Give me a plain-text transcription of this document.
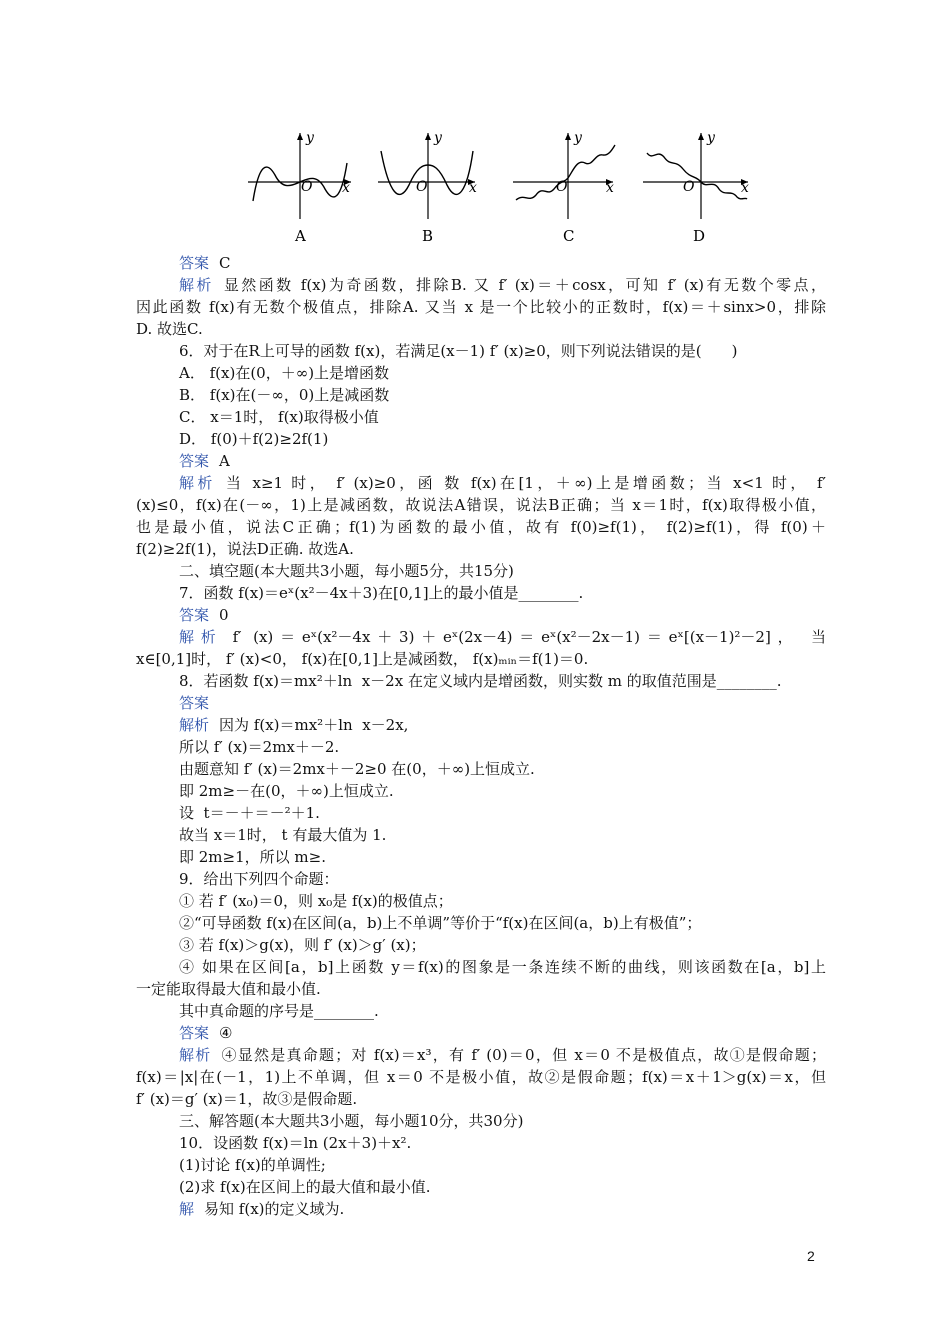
y
x
O
A
y
x
O
B
y
x
O
C
y
x
O
D
答案 C
解析 显然函数 f(x)为奇函数，排除B. 又 f′ (x)＝＋cosx，可知 f′ (x)有无数个零点，
因此函数 f(x)有无数个极值点，排除A. 又当 x 是一个比较小的正数时，f(x)＝＋sinx>0，排除
D. 故选C.
6．对于在R上可导的函数 f(x)，若满足(x－1) f′ (x)≥0，则下列说法错误的是(　　)
A． f(x)在(0，＋∞)上是增函数
B． f(x)在(－∞，0)上是减函数
C． x＝1时， f(x)取得极小值
D． f(0)＋f(2)≥2f(1)
答案 A
解析 当 x≥1 时， f′ (x)≥0，函 数 f(x)在[1，＋∞)上是增函数；当 x<1 时， f′
(x)≤0，f(x)在(－∞，1)上是减函数，故说法A错误，说法B正确；当 x＝1时，f(x)取得极小值，
也是最小值，说法C正确；f(1)为函数的最小值，故有 f(0)≥f(1)， f(2)≥f(1)，得 f(0)＋
f(2)≥2f(1)，说法D正确. 故选A.
二、填空题(本大题共3小题，每小题5分，共15分)
7．函数 f(x)＝eˣ(x²－4x＋3)在[0,1]上的最小值是________.
答案 0
解析 f′ (x)＝eˣ(x²－4x＋3)＋eˣ(2x－4)＝eˣ(x²－2x－1)＝eˣ[(x－1)²－2]， 当
x∈[0,1]时， f′ (x)<0， f(x)在[0,1]上是减函数， f(x)ₘᵢₙ＝f(1)＝0.
8．若函数 f(x)＝mx²＋ln  x－2x 在定义域内是增函数，则实数 m 的取值范围是________.
答案
解析 因为 f(x)＝mx²＋ln  x－2x,
所以 f′ (x)＝2mx＋－2.
由题意知 f′ (x)＝2mx＋－2≥0 在(0，＋∞)上恒成立.
即 2m≥－在(0，＋∞)上恒成立.
设  t＝－＋＝－²＋1.
故当 x＝1时， t 有最大值为 1.
即 2m≥1，所以 m≥.
9．给出下列四个命题：
① 若 f′ (x₀)＝0，则 x₀是 f(x)的极值点；
②“可导函数 f(x)在区间(a，b)上不单调”等价于“f(x)在区间(a，b)上有极值”；
③ 若 f(x)＞g(x)，则 f′ (x)＞g′ (x)；
④ 如果在区间[a，b]上函数 y＝f(x)的图象是一条连续不断的曲线，则该函数在[a，b]上
一定能取得最大值和最小值.
其中真命题的序号是________.
答案 ④
解析 ④显然是真命题；对 f(x)＝x³，有 f′ (0)＝0，但 x＝0 不是极值点，故①是假命题；
f(x)＝|x|在(－1，1)上不单调，但 x＝0 不是极小值，故②是假命题；f(x)＝x＋1＞g(x)＝x，但
f′ (x)＝g′ (x)＝1，故③是假命题.
三、解答题(本大题共3小题，每小题10分，共30分)
10．设函数 f(x)＝ln (2x＋3)＋x².
(1)讨论 f(x)的单调性;
(2)求 f(x)在区间上的最大值和最小值.
解 易知 f(x)的定义域为.
2
